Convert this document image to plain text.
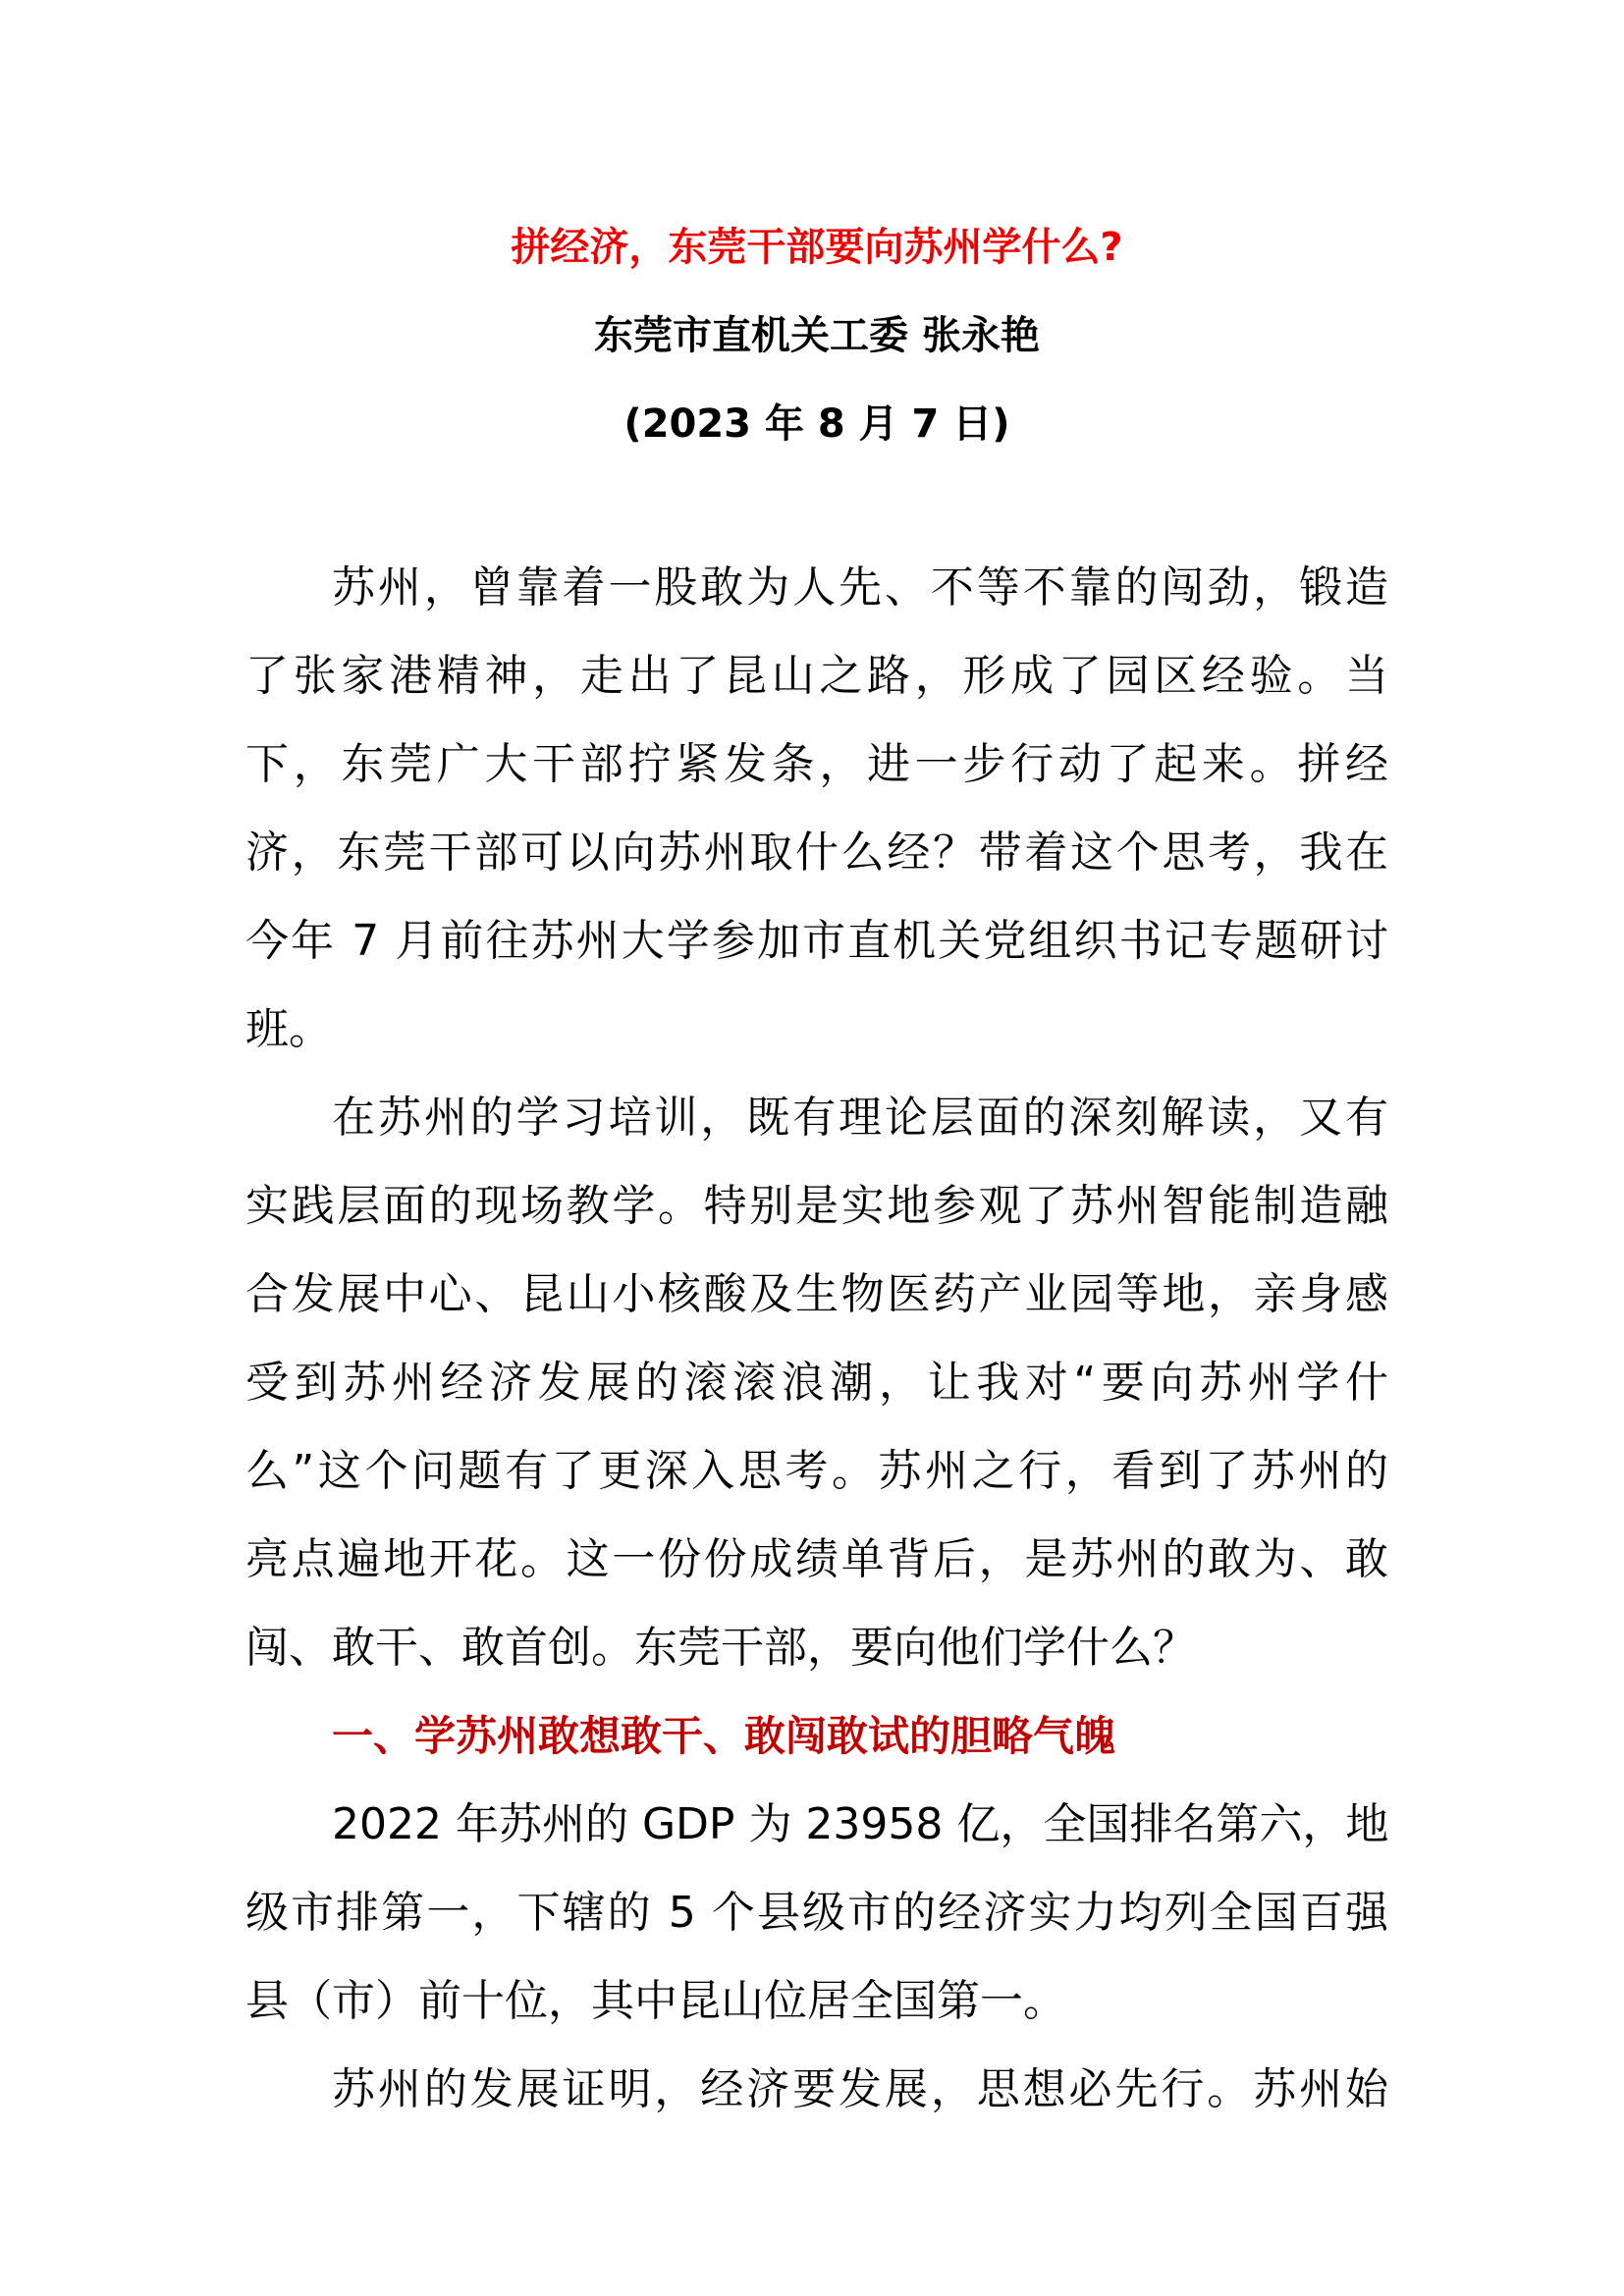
拼经济，东莞干部要向苏州学什么?
东莞市直机关工委 张永艳
(2023 年 8 月 7 日)
苏州，曾靠着一股敢为人先、不等不靠的闯劲，锻造
了张家港精神，走出了昆山之路，形成了园区经验。当
下，东莞广大干部拧紧发条，进一步行动了起来。拼经
济，东莞干部可以向苏州取什么经？带着这个思考，我在
今年 7 月前往苏州大学参加市直机关党组织书记专题研讨
班。
在苏州的学习培训，既有理论层面的深刻解读，又有
实践层面的现场教学。特别是实地参观了苏州智能制造融
合发展中心、昆山小核酸及生物医药产业园等地，亲身感
受到苏州经济发展的滚滚浪潮，让我对“要向苏州学什
么”这个问题有了更深入思考。苏州之行，看到了苏州的
亮点遍地开花。这一份份成绩单背后，是苏州的敢为、敢
闯、敢干、敢首创。东莞干部，要向他们学什么？
一、学苏州敢想敢干、敢闯敢试的胆略气魄
2022 年苏州的 GDP 为 23958 亿，全国排名第六，地
级市排第一，下辖的 5 个县级市的经济实力均列全国百强
县（市）前十位，其中昆山位居全国第一。
苏州的发展证明，经济要发展，思想必先行。苏州始
